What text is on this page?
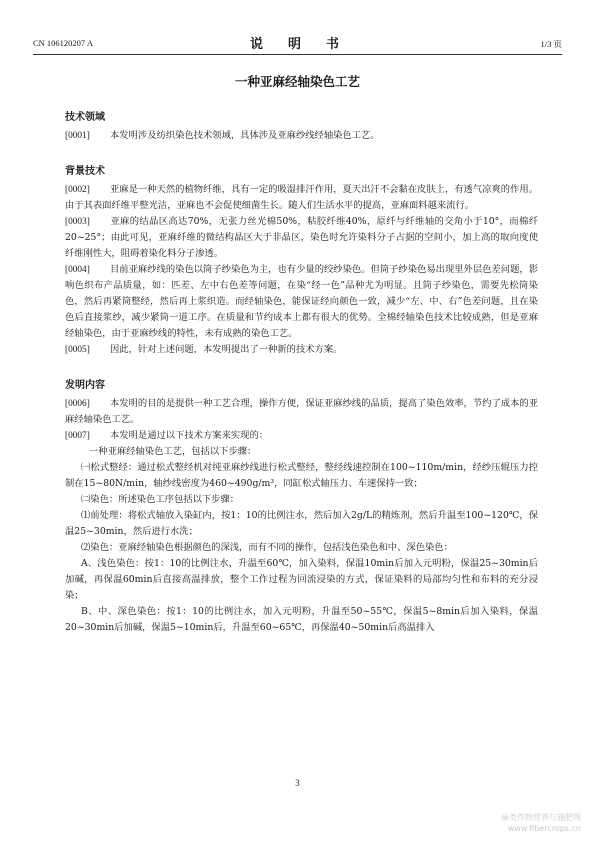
CN 106120207 A	说　明　书	1/3 页
一种亚麻经轴染色工艺
技术领域
[0001] 本发明涉及纺织染色技术领域，具体涉及亚麻纱线经轴染色工艺。
背景技术
[0002] 亚麻是一种天然的植物纤维，具有一定的吸湿排汗作用，夏天出汗不会黏在皮肤上，有透气凉爽的作用。由于其表面纤维平整光洁，亚麻也不会促使细菌生长。随人们生活水平的提高，亚麻面料越来流行。
[0003] 亚麻的结晶区高达70%，无张力丝光棉50%，粘胶纤维40%，原纤与纤维轴的交角小于10°，而棉纤20~25°；由此可见，亚麻纤维的微结构晶区大于非晶区，染色时允许染料分子占据的空间小，加上高的取向度使纤维刚性大，阻碍着染化料分子渗透。
[0004] 目前亚麻纱线的染色以筒子纱染色为主，也有少量的绞纱染色。但筒子纱染色易出现里外层色差问题，影响色织布产品质量，如：匹差、左中右色差等问题，在染“经一色”品种尤为明显。且筒子纱染色，需要先松筒染色，然后再紧筒整经，然后再上浆织造。而经轴染色，能保证经向颜色一致，减少“左、中、右”色差问题，且在染色后直接浆纱，减少紧筒一道工序。在质量和节约成本上都有很大的优势。全棉经轴染色技术比较成熟，但是亚麻经轴染色，由于亚麻纱线的特性，未有成熟的染色工艺。
[0005] 因此，针对上述问题，本发明提出了一种新的技术方案。
发明内容
[0006] 本发明的目的是提供一种工艺合理，操作方便，保证亚麻纱线的品质，提高了染色效率，节约了成本的亚麻经轴染色工艺。
[0007] 本发明是通过以下技术方案来实现的：
一种亚麻经轴染色工艺，包括以下步骤：
㈠松式整经：通过松式整经机对纯亚麻纱线进行松式整经，整经线速控制在100~110m/min，经纱压辊压力控制在15~80N/min，轴纱线密度为460~490g/m³，同缸松式轴压力、车速保持一致；
㈡染色：所述染色工序包括以下步骤：
⑴前处理：将松式轴放入染缸内，按1：10的比例注水，然后加入2g/L的精炼剂，然后升温至100~120℃，保温25~30min，然后进行水洗；
⑵染色：亚麻经轴染色根据颜色的深浅，而有不同的操作，包括浅色染色和中、深色染色：
A、浅色染色：按1：10的比例注水，升温至60℃，加入染料，保温10min后加入元明粉，保温25~30min后加碱，再保温60min后直接高温排放，整个工作过程为回流浸染的方式，保证染料的局部均匀性和布料的充分浸染；
B、中、深色染色：按1：10的比例注水，加入元明粉，升温至50~55℃，保温5~8min后加入染料，保温20~30min后加碱，保温5~10min后，升温至60~65℃，再保温40~50min后高温排入
3
麻类作物营养与施肥网
www.fibercrops.cn
